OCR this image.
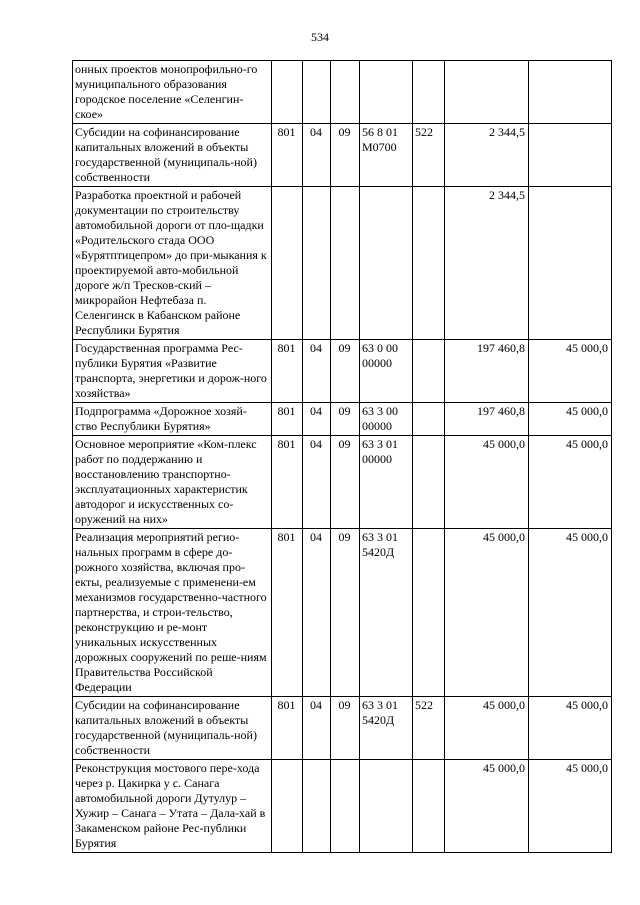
534
онных проектов монопрофильно-го муниципального образования городское поселение «Селенгин-ское»							
Субсидии на софинансирование капитальных вложений в объекты государственной (муниципаль-ной) собственности	801	04	09	56 8 01 M0700	522	2 344,5	
Разработка проектной и рабочей документации по строительству автомобильной дороги от пло-щадки «Родительского стада ООО «Бурятптицепром» до при-мыкания к проектируемой авто-мобильной дороге ж/п Тресков-ский – микрорайон Нефтебаза п. Селенгинск в Кабанском районе Республики Бурятия						2 344,5	
Государственная программа Рес-публики Бурятия «Развитие транспорта, энергетики и дорож-ного хозяйства»	801	04	09	63 0 00 00000		197 460,8	45 000,0
Подпрограмма «Дорожное хозяй-ство Республики Бурятия»	801	04	09	63 3 00 00000		197 460,8	45 000,0
Основное мероприятие «Ком-плекс работ по поддержанию и восстановлению транспортно-эксплуатационных характеристик автодорог и искусственных со-оружений на них»	801	04	09	63 3 01 00000		45 000,0	45 000,0
Реализация мероприятий регио-нальных программ в сфере до-рожного хозяйства, включая про-екты, реализуемые с применени-ем механизмов государственно-частного партнерства, и строи-тельство, реконструкцию и ре-монт уникальных искусственных дорожных сооружений по реше-ниям Правительства Российской Федерации	801	04	09	63 3 01 5420Д		45 000,0	45 000,0
Субсидии на софинансирование капитальных вложений в объекты государственной (муниципаль-ной) собственности	801	04	09	63 3 01 5420Д	522	45 000,0	45 000,0
Реконструкция мостового пере-хода через р. Цакирка у с. Санага автомобильной дороги Дутулур – Хужир – Санага – Утата – Дала-хай в Закаменском районе Рес-публики Бурятия						45 000,0	45 000,0
